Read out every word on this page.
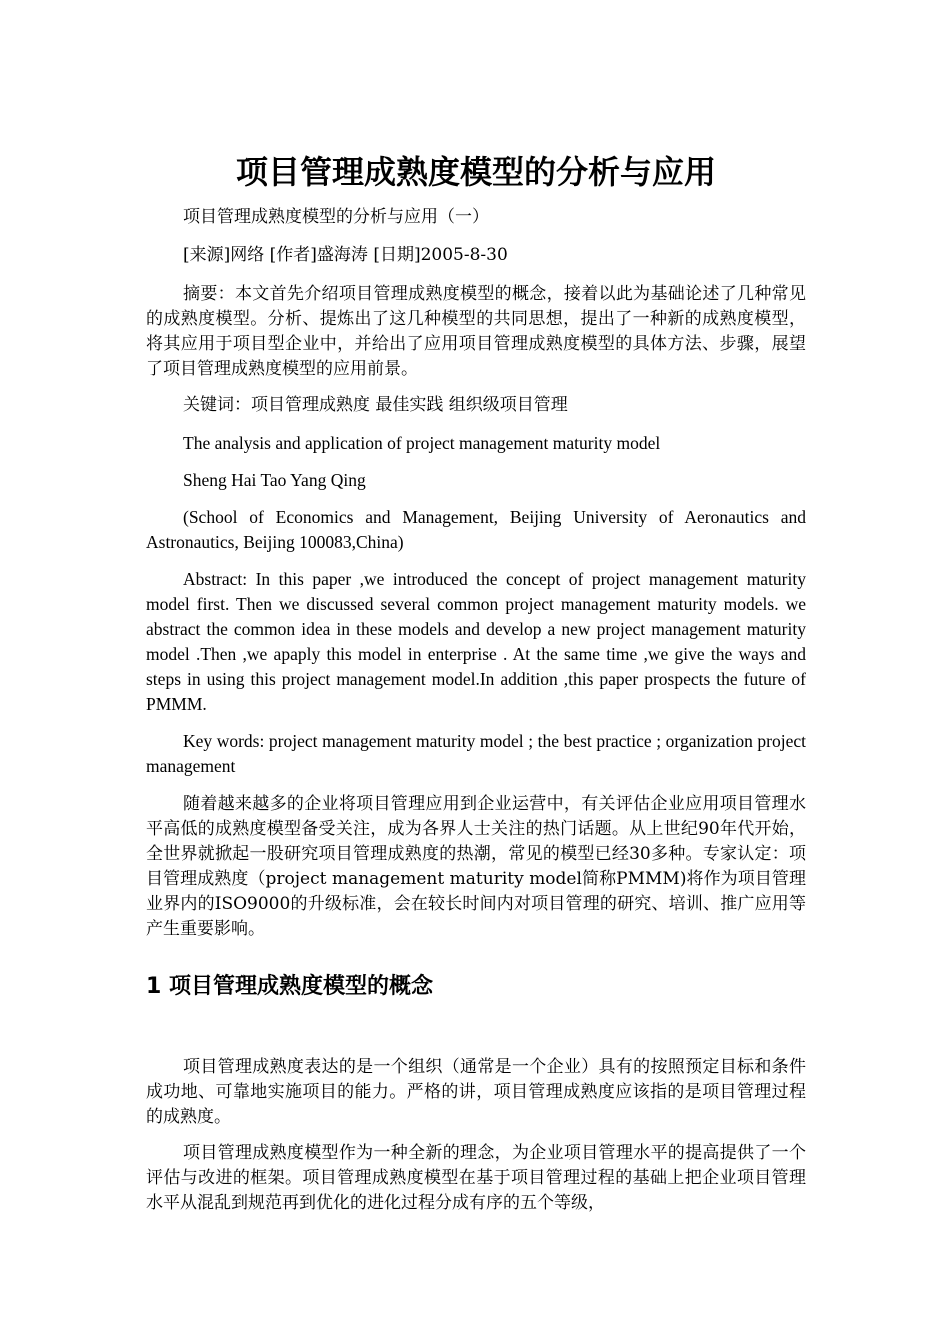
项目管理成熟度模型的分析与应用

项目管理成熟度模型的分析与应用（一）

[来源]网络 [作者]盛海涛 [日期]2005-8-30

摘要：本文首先介绍项目管理成熟度模型的概念，接着以此为基础论述了几种常见的成熟度模型。分析、提炼出了这几种模型的共同思想，提出了一种新的成熟度模型，将其应用于项目型企业中，并给出了应用项目管理成熟度模型的具体方法、步骤，展望了项目管理成熟度模型的应用前景。

关键词：项目管理成熟度 最佳实践 组织级项目管理

The analysis and application of project management maturity model

Sheng Hai Tao Yang Qing

(School of Economics and Management, Beijing University of Aeronautics and Astronautics, Beijing 100083,China)

Abstract: In this paper ,we introduced the concept of project management maturity model first. Then we discussed several common project management maturity models. we abstract the common idea in these models and develop a new project management maturity model .Then ,we apaply this model in enterprise . At the same time ,we give the ways and steps in using this project management model.In addition ,this paper prospects the future of PMMM.

Key words: project management maturity model ; the best practice ; organization project management

随着越来越多的企业将项目管理应用到企业运营中，有关评估企业应用项目管理水平高低的成熟度模型备受关注，成为各界人士关注的热门话题。从上世纪90年代开始，全世界就掀起一股研究项目管理成熟度的热潮，常见的模型已经30多种。专家认定：项目管理成熟度（project management maturity model简称PMMM)将作为项目管理业界内的ISO9000的升级标准，会在较长时间内对项目管理的研究、培训、推广应用等产生重要影响。

1 项目管理成熟度模型的概念

项目管理成熟度表达的是一个组织（通常是一个企业）具有的按照预定目标和条件成功地、可靠地实施项目的能力。严格的讲，项目管理成熟度应该指的是项目管理过程的成熟度。

项目管理成熟度模型作为一种全新的理念，为企业项目管理水平的提高提供了一个评估与改进的框架。项目管理成熟度模型在基于项目管理过程的基础上把企业项目管理水平从混乱到规范再到优化的进化过程分成有序的五个等级，
